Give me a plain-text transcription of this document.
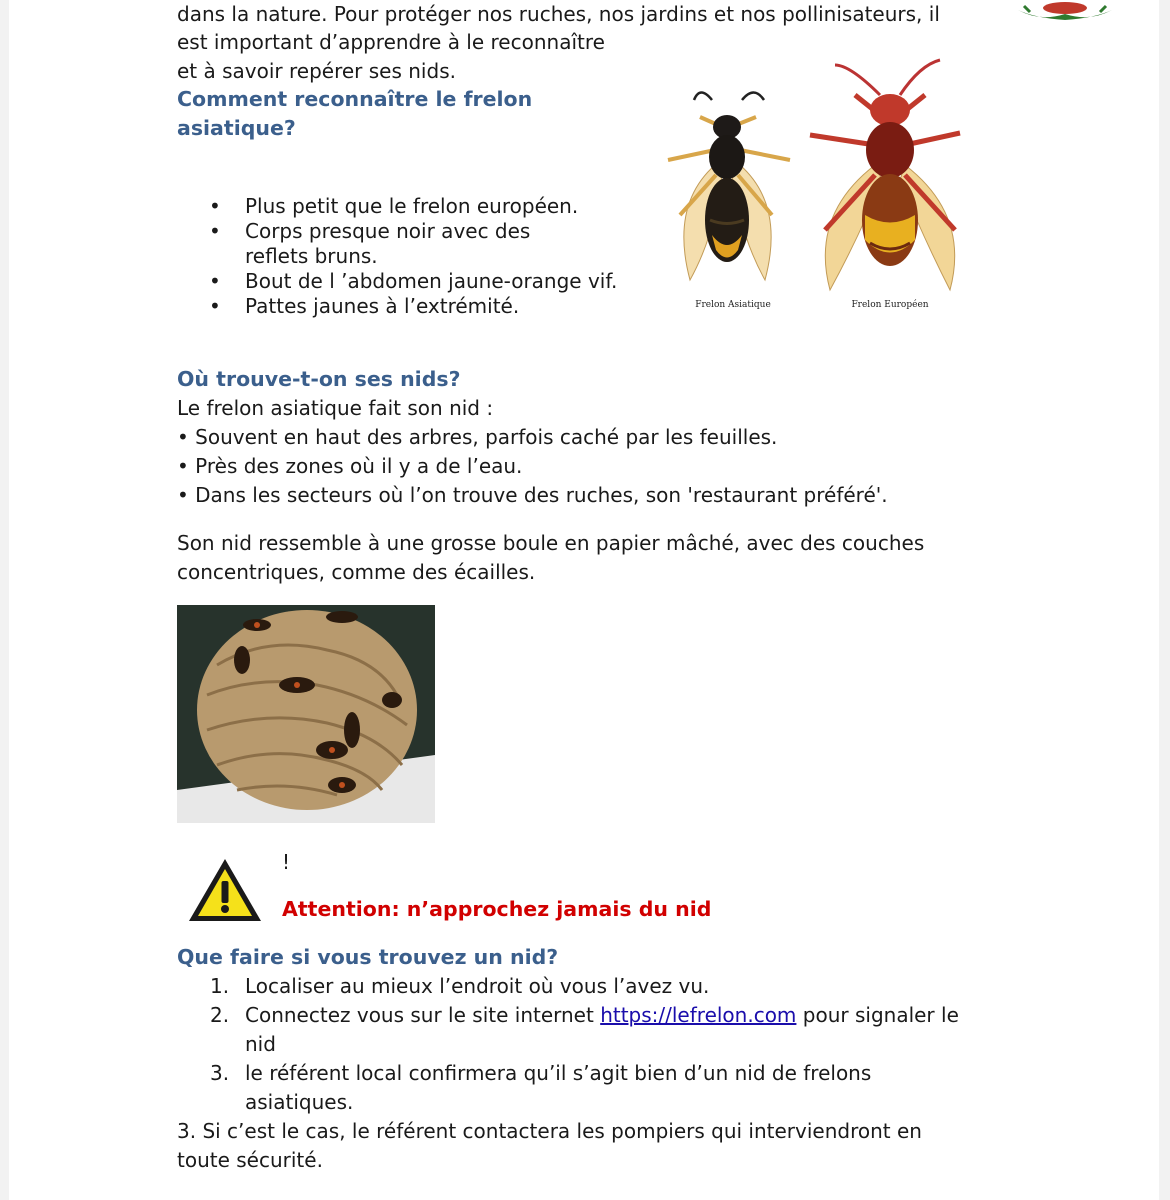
dans la nature. Pour protéger nos ruches, nos jardins et nos pollinisateurs, il
est important d’apprendre à le reconnaître
et à savoir repérer ses nids.
Comment reconnaître le frelon
asiatique?
• Plus petit que le frelon européen.
• Corps presque noir avec des reflets bruns.
• Bout de l ’abdomen jaune-orange vif.
• Pattes jaunes à l’extrémité.	Frelon Asiatique	Frelon Européen
Où trouve-t-on ses nids?
Le frelon asiatique fait son nid :
• Souvent en haut des arbres, parfois caché par les feuilles.
• Près des zones où il y a de l’eau.
• Dans les secteurs où l’on trouve des ruches, son 'restaurant préféré'.
Son nid ressemble à une grosse boule en papier mâché, avec des couches
concentriques, comme des écailles.
!
Attention: n’approchez jamais du nid
Que faire si vous trouvez un nid?
1. Localiser au mieux l’endroit où vous l’avez vu.
2. Connectez vous sur le site internet https://lefrelon.com pour signaler le nid
3. le référent local confirmera qu’il s’agit bien d’un nid de frelons asiatiques.
3. Si c’est le cas, le référent contactera les pompiers qui interviendront en
toute sécurité.
